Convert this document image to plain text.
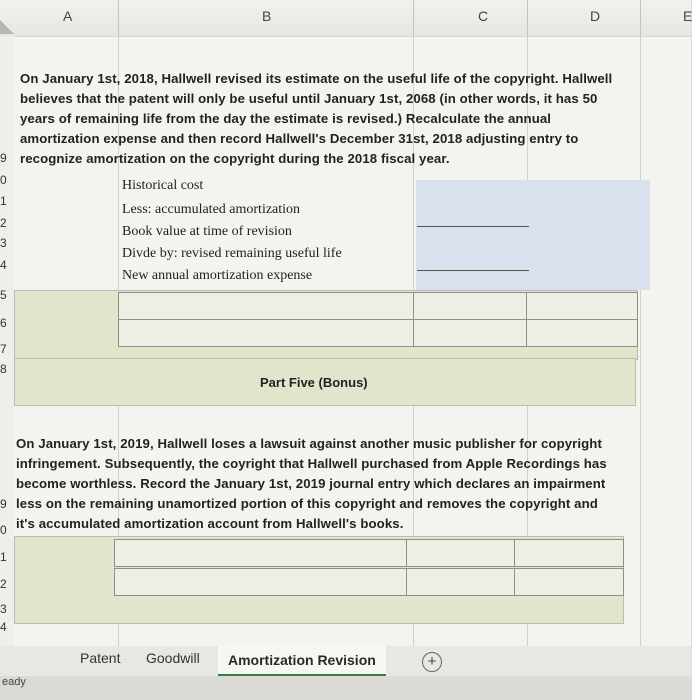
A	B	C	D	E
9
0
1
2
3
4
5
6
7
8
9
0
1
2
3
4
On January 1st, 2018, Hallwell revised its estimate on the useful life of the copyright. Hallwell
believes that the patent will only be useful until January 1st, 2068 (in other words, it has 50
years of remaining life from the day the estimate is revised.) Recalculate the annual
amortization expense and then record Hallwell's December 31st, 2018 adjusting entry to
recognize amortization on the copyright during the 2018 fiscal year.
Historical cost
Less: accumulated amortization
Book value at time of revision
Divde by: revised remaining useful life
New annual amortization expense
Part Five (Bonus)
On January 1st, 2019, Hallwell loses a lawsuit against another music publisher for copyright
infringement. Subsequently, the coyright that Hallwell purchased from Apple Recordings has
become worthless. Record the January 1st, 2019 journal entry which declares an impairment
less on the remaining unamortized portion of this copyright and removes the copyright and
it's accumulated amortization account from Hallwell's books.
Patent Goodwill	Amortization Revision	+
eady
